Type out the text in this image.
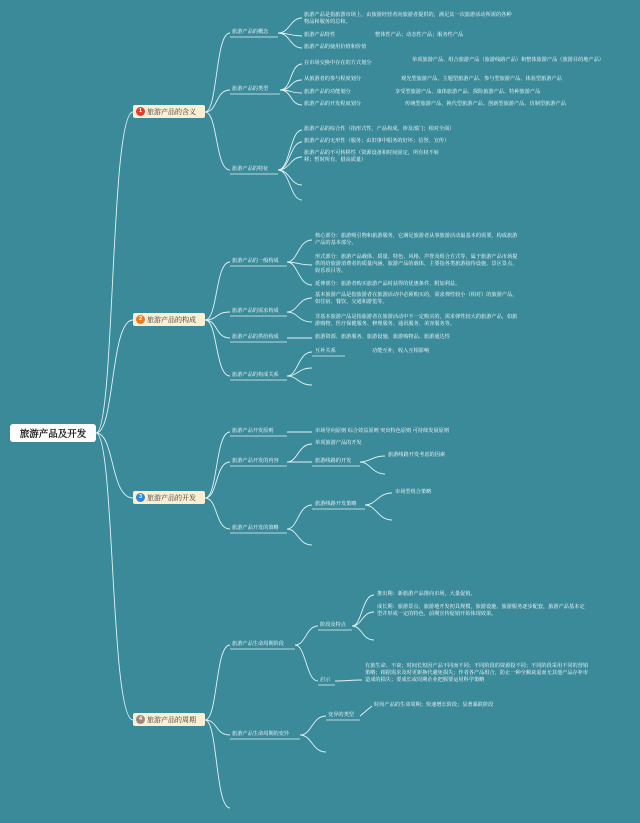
旅游产品及开发
1 旅游产品的含义
2 旅游产品的构成
3 旅游产品的开发
4 旅游产品的周期
旅游产品的概念
旅游产品是指旅游市场上，由旅游经营者向旅游者提供的，满足其一次旅游活动所需的各种物品和服务的总和。
旅游产品特性	整体性产品；动态性产品；服务性产品
旅游产品的使用价值和价值
旅游产品的类型
在市场交换中存在的方式划分	单项旅游产品、组合旅游产品（旅游线路产品）和整体旅游产品（旅游目的地产品）
从旅游者的参与程度划分	观光型旅游产品、主题型旅游产品、参与型旅游产品、体验型旅游产品
旅游产品的功能划分	享受型旅游产品、康体旅游产品、探险旅游产品、特种旅游产品
旅游产品的开发程度划分	传统型旅游产品、换代型旅游产品、创新型旅游产品、仿制型旅游产品
旅游产品的特征
旅游产品的综合性（指形式性，产品构成，涉及部门；相对全面）
旅游产品的无形性（服务；由旧事中服务的好坏；信誉、宣传）
旅游产品的不可转移性（资源设备和时间固定，所有权不转移；暂时所有，借高质量）
旅游产品的一般构成
核心部分：旅游吸引物和旅游服务，它满足旅游者从事旅游活动最基本的需要，构成旅游产品的基本部分。
形式部分：旅游产品载体、质量、特色、风格、声誉及组合方式等，属于旅游产品市场提供的给旅游消费者的质量内涵，旅游产品的载体，主要指各类旅游接待设施、景区景点、娱乐项目等。
延伸部分：旅游者购买旅游产品时获得的优惠条件、附加利益。
旅游产品的需求构成
基本旅游产品是指旅游者在旅游活动中必须购买的，需求弹性较小（相对）的旅游产品，如住宿、餐饮、交通和游览等。
非基本旅游产品是指旅游者在旅游活动中不一定购买的，需求弹性较大的旅游产品，如旅游购物、医疗保健服务、修理服务、通讯服务、美容服务等。
旅游产品的供给构成	旅游资源、旅游服务、旅游设施、旅游购物品、旅游通达性
旅游产品的构成关系
互补关系	功能互补，收入互相影响
旅游产品开发原则	市场导向原则 综合效益原则 突出特色原则 可持续发展原则
旅游产品开发的内容
单项旅游产品的开发
旅游线路的开发
旅游线路开发考虑的因素
旅游产品开发的策略
旅游线路开发策略
市场型组合策略
旅游产品生命周期阶段
阶段及特点
推出期：新旅游产品推向市场，大量促销。
成长期：旅游景点、旅游地开发初具规模，旅游设施、旅游服务逐步配套，旅游产品基本定型并形成一定的特色，前期宣传促销开始体现效果。
启示
有旅生命、不衰；时间长短因产品不同而不同；不同阶段的资源投不同；不同阶段采用不同的营销策略；根据需求及时更新换代避免损失；作者各产品组合，防止一种全额衰退而无其他产品存补市造成的损失；要成长或周期企业把握要运用科学策略
旅游产品生命周期的变异
变异的类型
时尚产品的生命周期；快速增长阶段；显著暴跌阶段
